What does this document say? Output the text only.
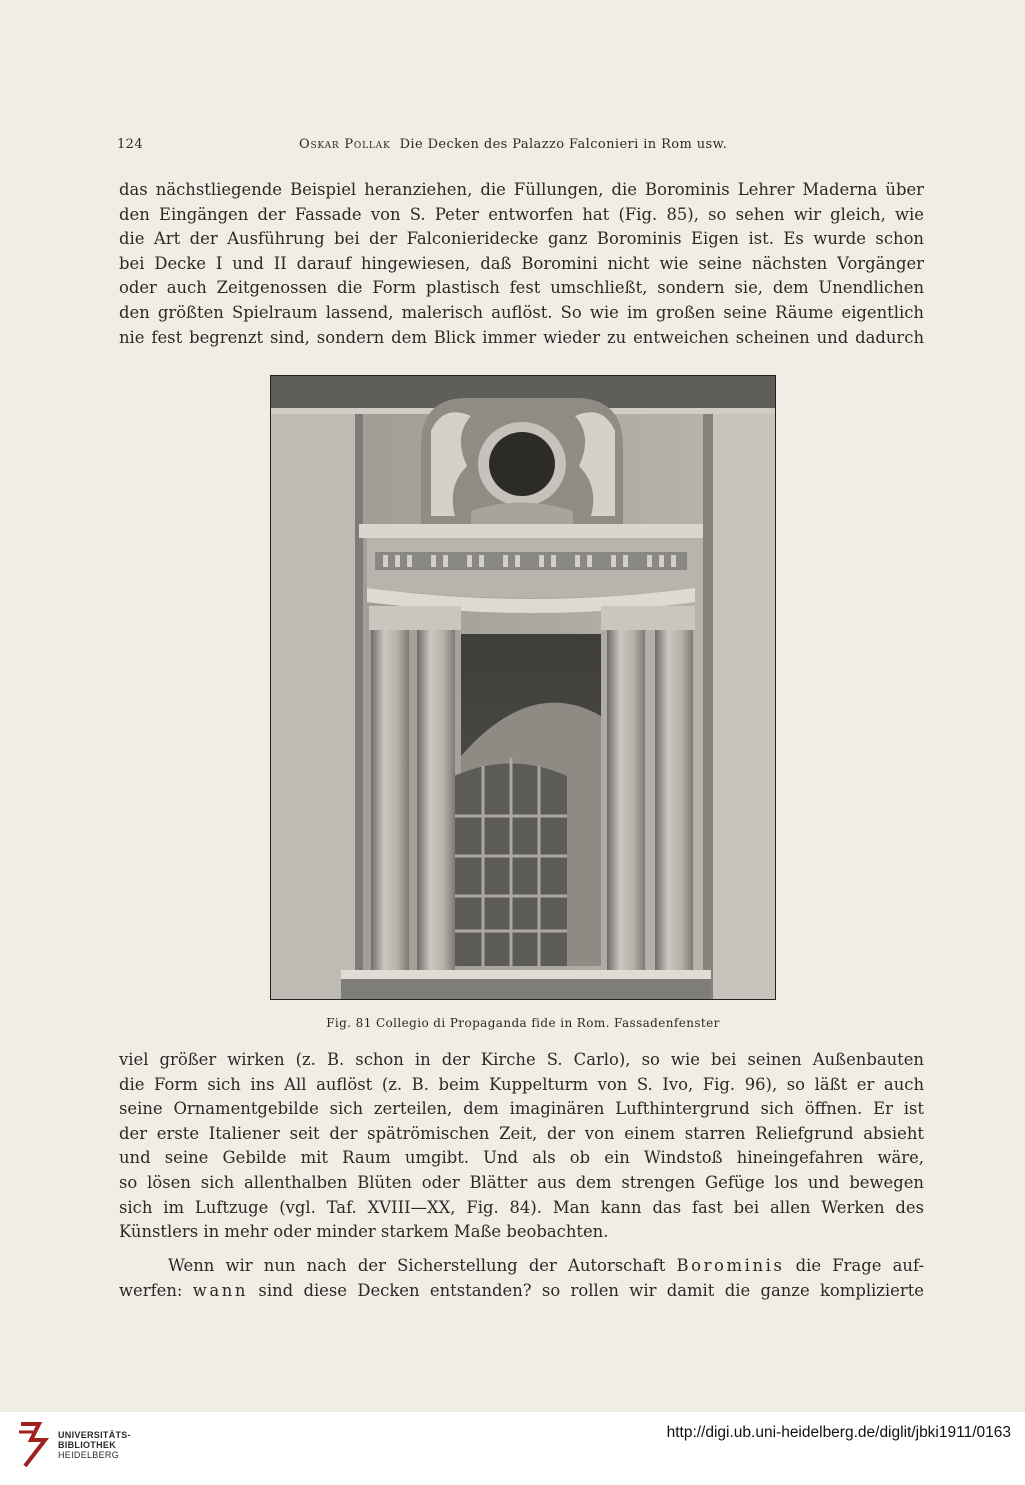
124	Oskar Pollak Die Decken des Palazzo Falconieri in Rom usw.
das nächstliegende Beispiel heranziehen, die Füllungen, die Borominis Lehrer Maderna über
den Eingängen der Fassade von S. Peter entworfen hat (Fig. 85), so sehen wir gleich, wie
die Art der Ausführung bei der Falconieridecke ganz Borominis Eigen ist. Es wurde schon
bei Decke I und II darauf hingewiesen, daß Boromini nicht wie seine nächsten Vorgänger
oder auch Zeitgenossen die Form plastisch fest umschließt, sondern sie, dem Unendlichen
den größten Spielraum lassend, malerisch auflöst. So wie im großen seine Räume eigentlich
nie fest begrenzt sind, sondern dem Blick immer wieder zu entweichen scheinen und dadurch
Fig. 81 Collegio di Propaganda fide in Rom. Fassadenfenster
viel größer wirken (z. B. schon in der Kirche S. Carlo), so wie bei seinen Außenbauten
die Form sich ins All auflöst (z. B. beim Kuppelturm von S. Ivo, Fig. 96), so läßt er auch
seine Ornamentgebilde sich zerteilen, dem imaginären Lufthintergrund sich öffnen. Er ist
der erste Italiener seit der spätrömischen Zeit, der von einem starren Reliefgrund absieht
und seine Gebilde mit Raum umgibt. Und als ob ein Windstoß hineingefahren wäre,
so lösen sich allenthalben Blüten oder Blätter aus dem strengen Gefüge los und bewegen
sich im Luftzuge (vgl. Taf. XVIII—XX, Fig. 84). Man kann das fast bei allen Werken des
Künstlers in mehr oder minder starkem Maße beobachten.
Wenn wir nun nach der Sicherstellung der Autorschaft Borominis die Frage auf-
werfen: wann sind diese Decken entstanden? so rollen wir damit die ganze komplizierte
UNIVERSITÄTS-
BIBLIOTHEK
HEIDELBERG
http://digi.ub.uni-heidelberg.de/diglit/jbki1911/0163
